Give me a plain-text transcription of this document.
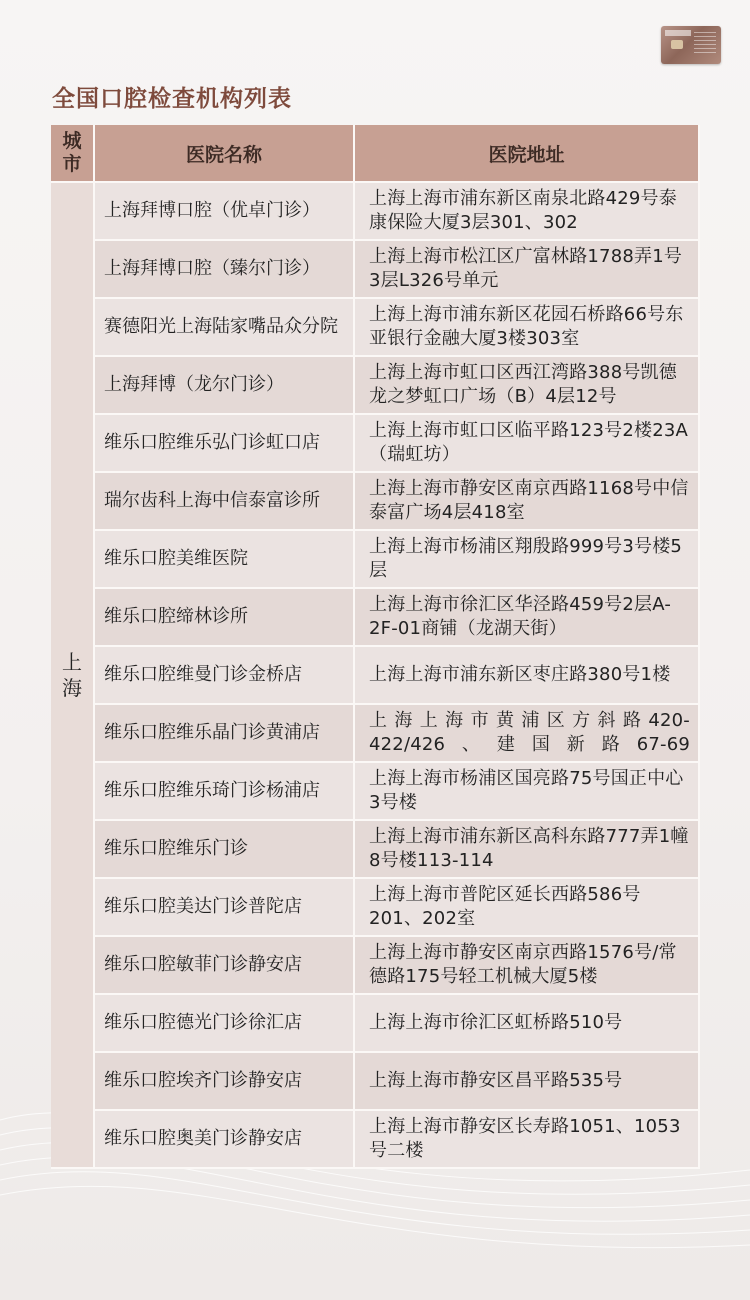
全国口腔检查机构列表
城市	医院名称	医院地址
上海	上海拜博口腔（优卓门诊）	上海上海市浦东新区南泉北路429号泰康保险大厦3层301、302
	上海拜博口腔（臻尔门诊）	上海上海市松江区广富林路1788弄1号3层L326号单元
	赛德阳光上海陆家嘴品众分院	上海上海市浦东新区花园石桥路66号东亚银行金融大厦3楼303室
	上海拜博（龙尔门诊）	上海上海市虹口区西江湾路388号凯德龙之梦虹口广场（B）4层12号
	维乐口腔维乐弘门诊虹口店	上海上海市虹口区临平路123号2楼23A（瑞虹坊）
	瑞尔齿科上海中信泰富诊所	上海上海市静安区南京西路1168号中信泰富广场4层418室
	维乐口腔美维医院	上海上海市杨浦区翔殷路999号3号楼5层
	维乐口腔缔林诊所	上海上海市徐汇区华泾路459号2层A-2F-01商铺（龙湖天街）
	维乐口腔维曼门诊金桥店	上海上海市浦东新区枣庄路380号1楼
	维乐口腔维乐晶门诊黄浦店	上海上海市黄浦区方斜路420-422/426、建国新路67-69
	维乐口腔维乐琦门诊杨浦店	上海上海市杨浦区国亮路75号国正中心3号楼
	维乐口腔维乐门诊	上海上海市浦东新区高科东路777弄1幢8号楼113-114
	维乐口腔美达门诊普陀店	上海上海市普陀区延长西路586号201、202室
	维乐口腔敏菲门诊静安店	上海上海市静安区南京西路1576号/常德路175号轻工机械大厦5楼
	维乐口腔德光门诊徐汇店	上海上海市徐汇区虹桥路510号
	维乐口腔埃齐门诊静安店	上海上海市静安区昌平路535号
	维乐口腔奥美门诊静安店	上海上海市静安区长寿路1051、1053号二楼
